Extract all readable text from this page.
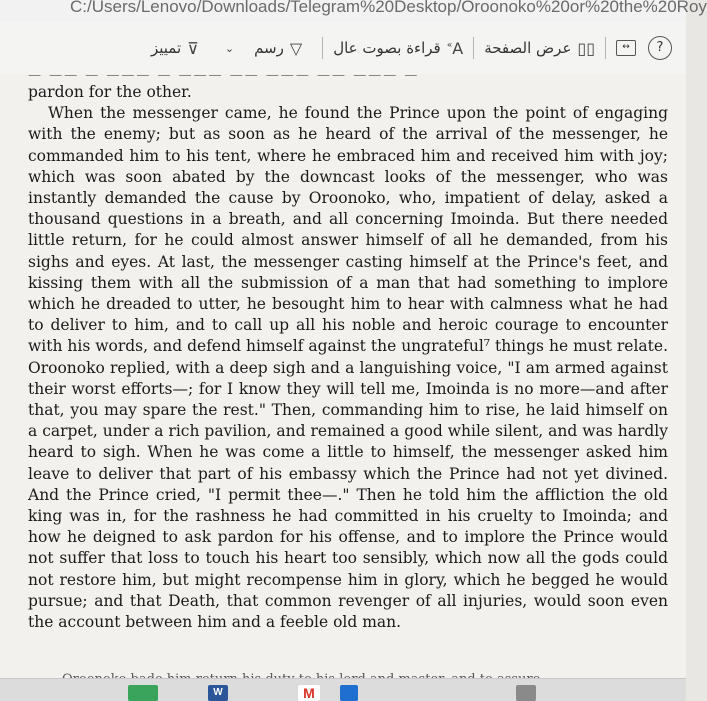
C:/Users/Lenovo/Downloads/Telegram%20Desktop/Oroonoko%20or%20the%20Roy
?
↔
▯▯
عرض الصفحة
A»
قراءة بصوت عال
▽
رسم
⌄
⊽
تمييز
— —— — ——— — ——— —— ——— —— ——— —

pardon for the other.

When the messenger came, he found the Prince upon the point of engaging with the enemy; but as soon as he heard of the arrival of the messenger, he commanded him to his tent, where he embraced him and received him with joy; which was soon abated by the downcast looks of the messenger, who was instantly demanded the cause by Oroonoko, who, impatient of delay, asked a thousand questions in a breath, and all concerning Imoinda. But there needed little return, for he could almost answer himself of all he demanded, from his sighs and eyes. At last, the messenger casting himself at the Prince's feet, and kissing them with all the submission of a man that had something to implore which he dreaded to utter, he besought him to hear with calmness what he had to deliver to him, and to call up all his noble and heroic courage to encounter with his words, and defend himself against the ungrateful⁷ things he must relate. Oroonoko replied, with a deep sigh and a languishing voice, "I am armed against their worst efforts—; for I know they will tell me, Imoinda is no more—and after that, you may spare the rest." Then, commanding him to rise, he laid himself on a carpet, under a rich pavilion, and remained a good while silent, and was hardly heard to sigh. When he was come a little to himself, the messenger asked him leave to deliver that part of his embassy which the Prince had not yet divined. And the Prince cried, "I permit thee—." Then he told him the affliction the old king was in, for the rashness he had committed in his cruelty to Imoinda; and how he deigned to ask pardon for his offense, and to implore the Prince would not suffer that loss to touch his heart too sensibly, which now all the gods could not restore him, but might recompense him in glory, which he begged he would pursue; and that Death, that common revenger of all injuries, would soon even the account between him and a feeble old man.

W	M
